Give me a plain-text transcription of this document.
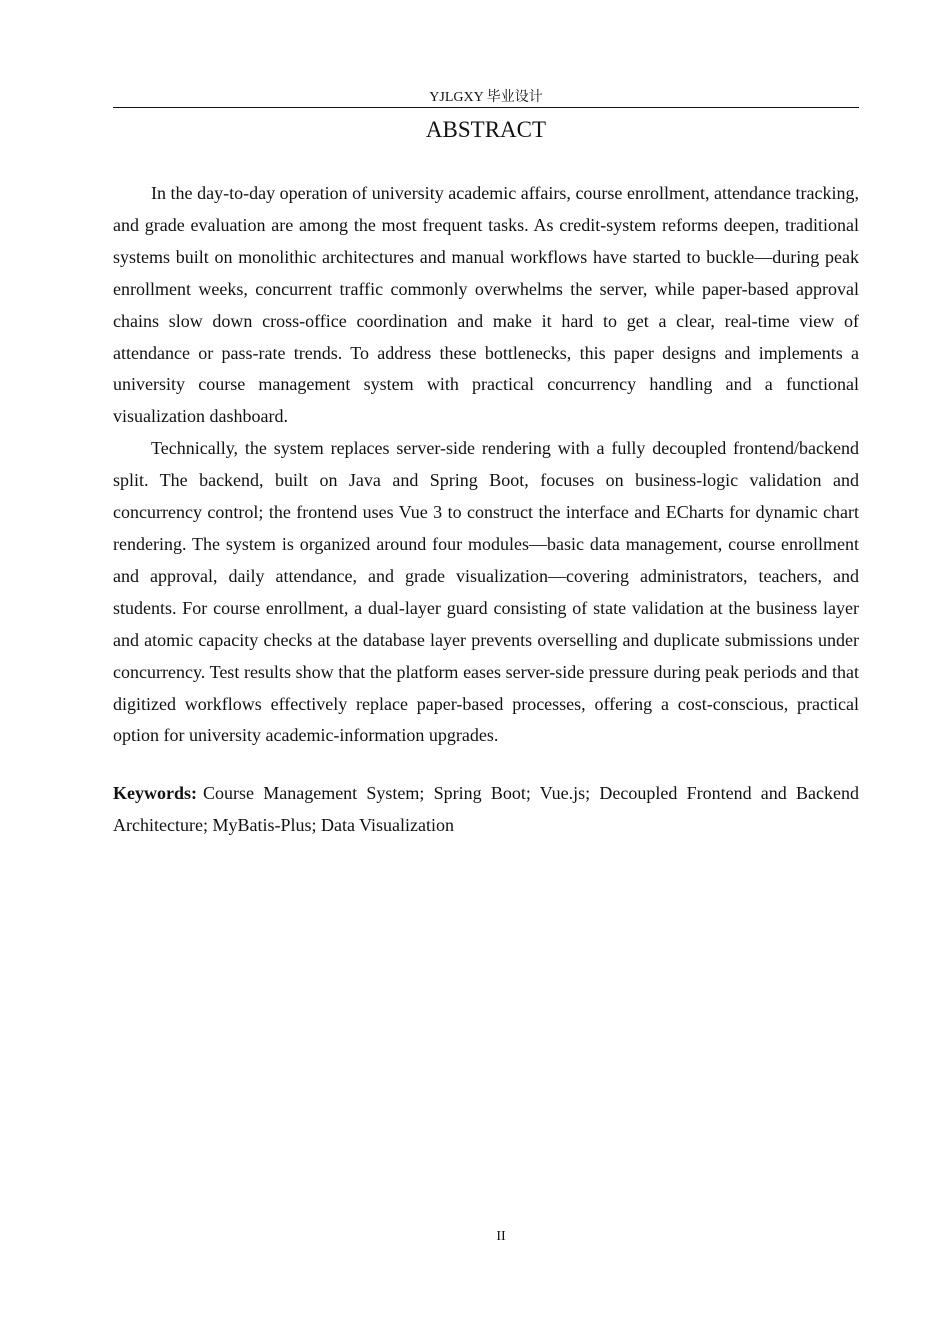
YJLGXY 毕业设计
ABSTRACT

In the day-to-day operation of university academic affairs, course enrollment, attendance tracking, and grade evaluation are among the most frequent tasks. As credit-system reforms deepen, traditional systems built on monolithic architectures and manual workflows have started to buckle—during peak enrollment weeks, concurrent traffic commonly overwhelms the server, while paper-based approval chains slow down cross-office coordination and make it hard to get a clear, real-time view of attendance or pass-rate trends. To address these bottlenecks, this paper designs and implements a university course management system with practical concurrency handling and a functional visualization dashboard.

Technically, the system replaces server-side rendering with a fully decoupled frontend/backend split. The backend, built on Java and Spring Boot, focuses on business-logic validation and concurrency control; the frontend uses Vue 3 to construct the interface and ECharts for dynamic chart rendering. The system is organized around four modules—basic data management, course enrollment and approval, daily attendance, and grade visualization—covering administrators, teachers, and students. For course enrollment, a dual-layer guard consisting of state validation at the business layer and atomic capacity checks at the database layer prevents overselling and duplicate submissions under concurrency. Test results show that the platform eases server-side pressure during peak periods and that digitized workflows effectively replace paper-based processes, offering a cost-conscious, practical option for university academic-information upgrades.

Keywords: Course Management System; Spring Boot; Vue.js; Decoupled Frontend and Backend Architecture; MyBatis-Plus; Data Visualization

II
